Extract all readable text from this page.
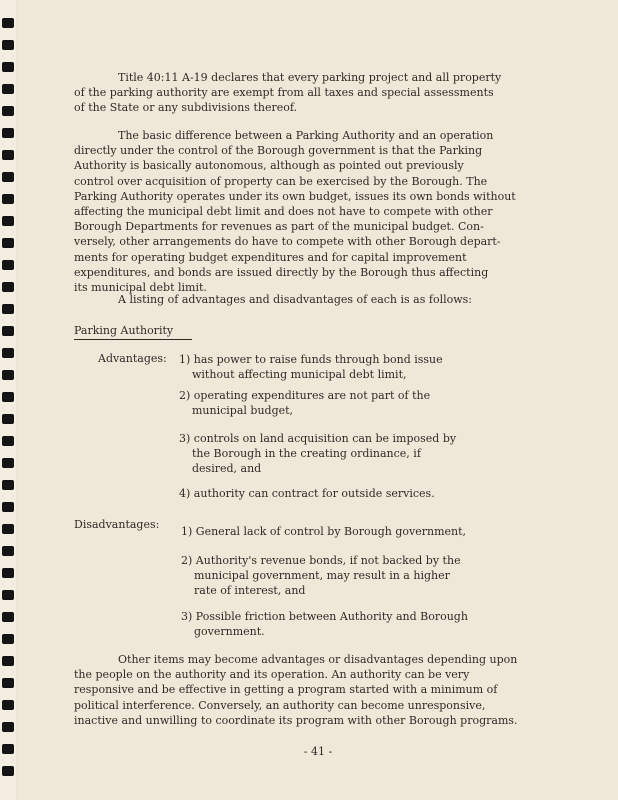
Title 40:11 A-19 declares that every parking project and all property
of the parking authority are exempt from all taxes and special assessments
of the State or any subdivisions thereof.
The basic difference between a Parking Authority and an operation
directly under the control of the Borough government is that the Parking
Authority is basically autonomous, although as pointed out previously
control over acquisition of property can be exercised by the Borough. The
Parking Authority operates under its own budget, issues its own bonds without
affecting the municipal debt limit and does not have to compete with other
Borough Departments for revenues as part of the municipal budget. Con-
versely, other arrangements do have to compete with other Borough depart-
ments for operating budget expenditures and for capital improvement
expenditures, and bonds are issued directly by the Borough thus affecting
its municipal debt limit.
A listing of advantages and disadvantages of each is as follows:
Parking Authority
Advantages: 1) has power to raise funds through bond issue
without affecting municipal debt limit,
2) operating expenditures are not part of the
municipal budget,
3) controls on land acquisition can be imposed by
the Borough in the creating ordinance, if
desired, and
4) authority can contract for outside services.
Disadvantages:
1) General lack of control by Borough government,
2) Authority's revenue bonds, if not backed by the
municipal government, may result in a higher
rate of interest, and
3) Possible friction between Authority and Borough
government.
Other items may become advantages or disadvantages depending upon
the people on the authority and its operation. An authority can be very
responsive and be effective in getting a program started with a minimum of
political interference. Conversely, an authority can become unresponsive,
inactive and unwilling to coordinate its program with other Borough programs.
- 41 -
